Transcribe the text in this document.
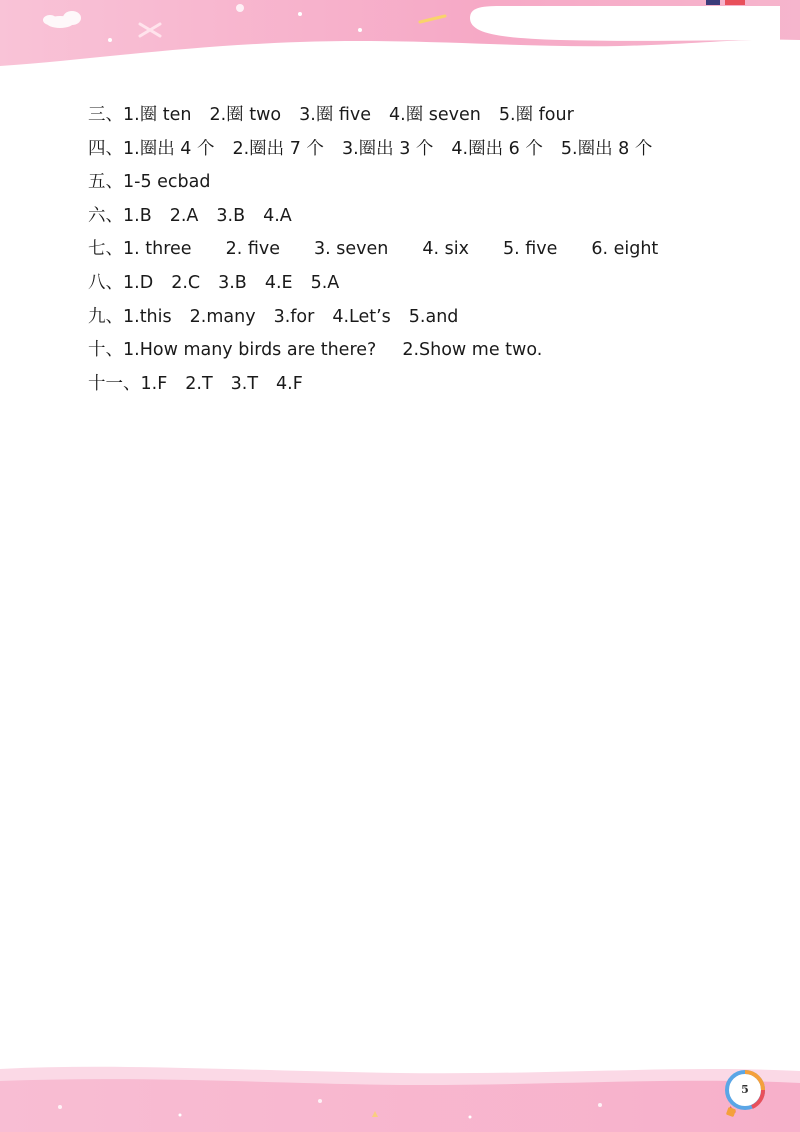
三、1.圈 ten 2.圈 two 3.圈 five 4.圈 seven 5.圈 four
四、1.圈出 4 个 2.圈出 7 个 3.圈出 3 个 4.圈出 6 个 5.圈出 8 个
五、1-5 ecbad
六、1.B 2.A 3.B 4.A
七、1. three 2. five 3. seven 4. six 5. five 6. eight
八、1.D 2.C 3.B 4.E 5.A
九、1.this 2.many 3.for 4.Let’s 5.and
十、1.How many birds are there? 2.Show me two.
十一、1.F 2.T 3.T 4.F
5
